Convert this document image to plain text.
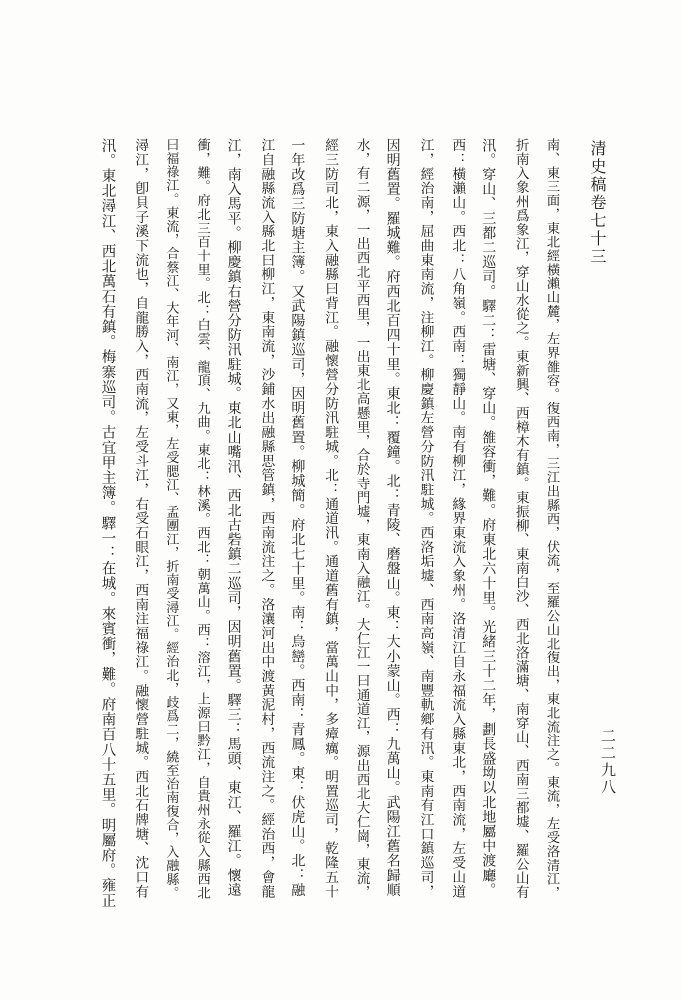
清史稿卷七十三
二二九八
南、東三面，東北經橫瀨山麓，左界雒容。復西南，三江出縣西，伏流，至羅公山北復出，東北流注之。東流，左受洛清江，
折南入象州爲象江，穿山水從之。東新興、西樟木有鎮。東振柳、東南白沙、西北洛滿塘、南穿山、西南三都墟、羅公山有
汛。穿山、三都二巡司。驛二：雷塘、穿山。雒容衝，難。府東北六十里。光緒三十二年，劃長盛坳以北地屬中渡廳。
西：橫瀨山。西北：八角嶺。西南：獨靜山。南有柳江，緣界東流入象州。洛清江自永福流入縣東北，西南流，左受山道
江，經治南，屈曲東南流，注柳江。柳慶鎮左營分防汛駐城。西洛垢墟、西南高嶺、南豐軌鄉有汛。東南有江口鎮巡司，
因明舊置。羅城難。府西北百四十里。東北：覆鐘。北：青陵、磨盤山。東：大小蒙山。西：九萬山。武陽江舊名歸順
水，有二源，一出西北平西里，一出東北高懸里，合於寺門墟，東南入融江。大仁江一曰通道江，源出西北大仁崗，東流，
經三防司北，東入融縣曰背江。融懷營分防汛駐城。北：通道汛。通道舊有鎮，當萬山中，多瘴癘。明置巡司，乾隆五十
一年改爲三防塘主簿。又武陽鎮巡司，因明舊置。柳城簡。府北七十里。南：烏巒。西南：青鳳。東：伏虎山。北：融
江自融縣流入縣北曰柳江，東南流，沙鋪水出融縣思管鎮，西南流注之。洛瀼河出中渡黃泥村，西流注之。經治西，會龍
江，南入馬平。柳慶鎮右營分防汛駐城。東北山嘴汛、西北古砦鎮二巡司，因明舊置。驛三：馬頭、東江、羅江。懷遠
衝，難。府北三百十里。北：白雲、龍頂、九曲。東北：林溪。西北：朝萬山。西：溶江，上源曰黔江，自貴州永從入縣西北
曰福祿江。東流，合蔡江、大年河、南江，又東，左受腮江、孟團江，折南受潯江。經治北，歧爲二，繞至治南復合，入融縣。
潯江，卽貝子溪下流也，自龍勝入，西南流，左受斗江，右受石眼江，西南注福祿江。融懷營駐城。西北石牌塘、沈口有
汛。東北潯江、西北萬石有鎮。梅寨巡司。古宜甲主簿。驛一：在城。來賓衝，難。府南百八十五里。明屬府。雍正
